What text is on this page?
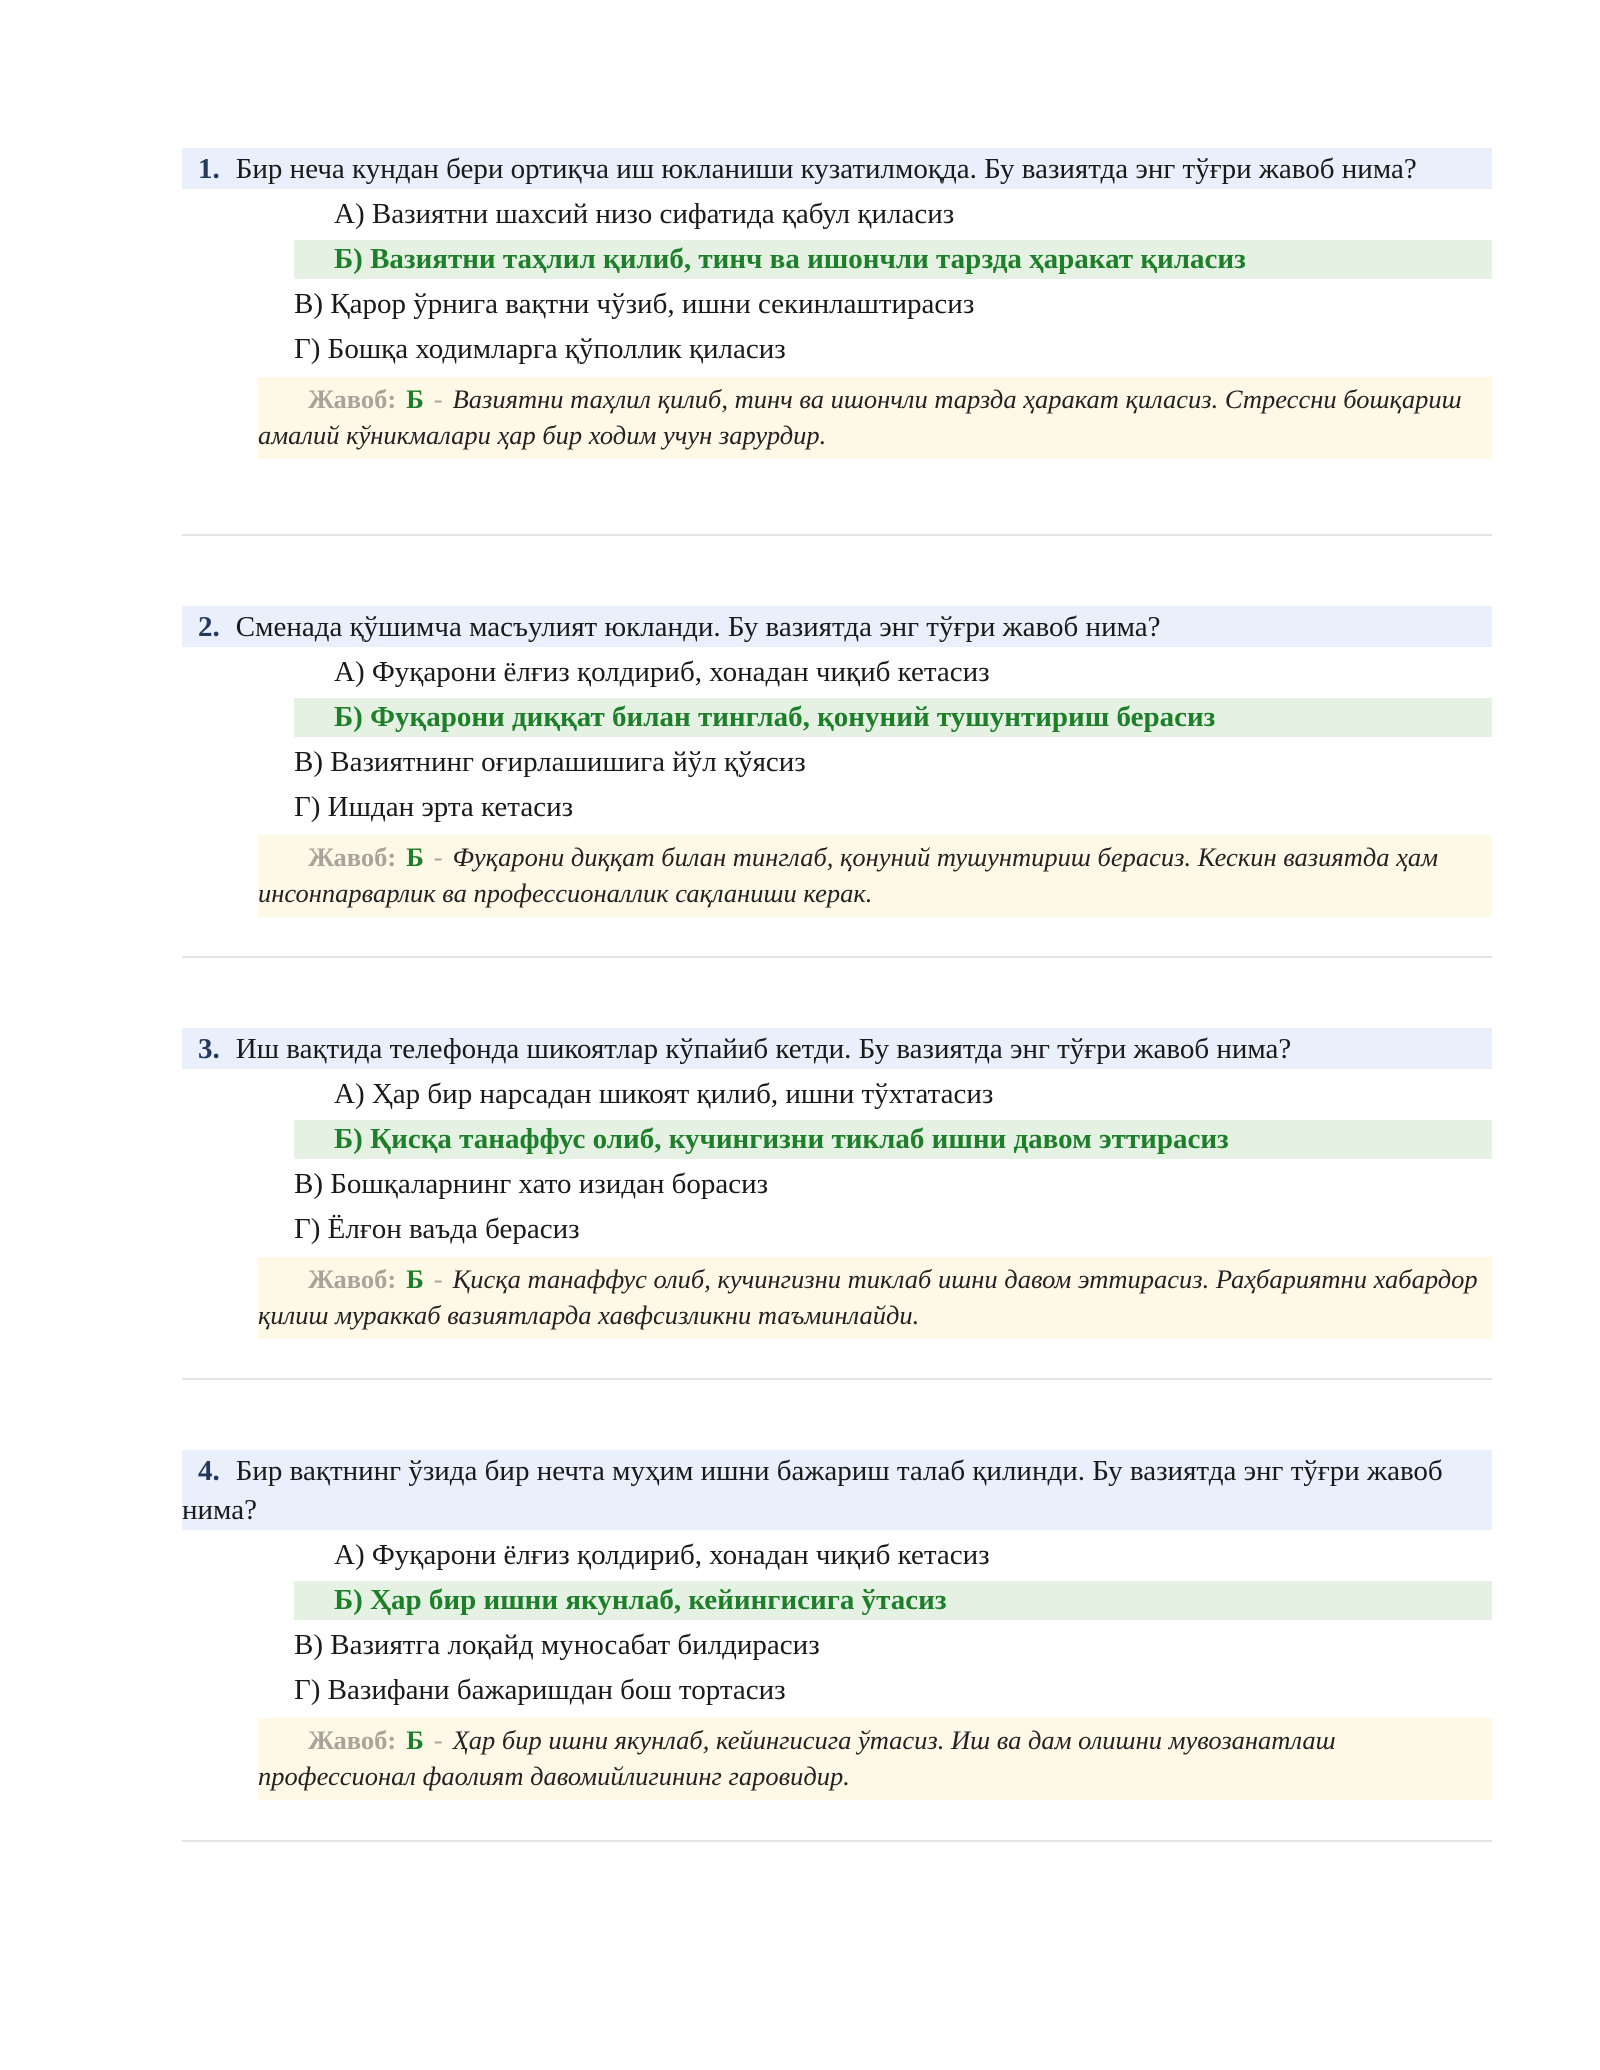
1. Бир неча кундан бери ортиқча иш юкланиши кузатилмоқда. Бу вазиятда энг тўғри жавоб нима?
А) Вазиятни шахсий низо сифатида қабул қиласиз
Б) Вазиятни таҳлил қилиб, тинч ва ишончли тарзда ҳаракат қиласиз
В) Қарор ўрнига вақтни чўзиб, ишни секинлаштирасиз
Г) Бошқа ходимларга қўполлик қиласиз
Жавоб: Б - Вазиятни таҳлил қилиб, тинч ва ишончли тарзда ҳаракат қиласиз. Стрессни бошқариш амалий кўникмалари ҳар бир ходим учун зарурдир.
2. Сменада қўшимча масъулият юкланди. Бу вазиятда энг тўғри жавоб нима?
А) Фуқарони ёлғиз қолдириб, хонадан чиқиб кетасиз
Б) Фуқарони диққат билан тинглаб, қонуний тушунтириш берасиз
В) Вазиятнинг оғирлашишига йўл қўясиз
Г) Ишдан эрта кетасиз
Жавоб: Б - Фуқарони диққат билан тинглаб, қонуний тушунтириш берасиз. Кескин вазиятда ҳам инсонпарварлик ва профессионаллик сақланиши керак.
3. Иш вақтида телефонда шикоятлар кўпайиб кетди. Бу вазиятда энг тўғри жавоб нима?
А) Ҳар бир нарсадан шикоят қилиб, ишни тўхтатасиз
Б) Қисқа танаффус олиб, кучингизни тиклаб ишни давом эттирасиз
В) Бошқаларнинг хато изидан борасиз
Г) Ёлғон ваъда берасиз
Жавоб: Б - Қисқа танаффус олиб, кучингизни тиклаб ишни давом эттирасиз. Раҳбариятни хабардор қилиш мураккаб вазиятларда хавфсизликни таъминлайди.
4. Бир вақтнинг ўзида бир нечта муҳим ишни бажариш талаб қилинди. Бу вазиятда энг тўғри жавоб нима?
А) Фуқарони ёлғиз қолдириб, хонадан чиқиб кетасиз
Б) Ҳар бир ишни якунлаб, кейингисига ўтасиз
В) Вазиятга лоқайд муносабат билдирасиз
Г) Вазифани бажаришдан бош тортасиз
Жавоб: Б - Ҳар бир ишни якунлаб, кейингисига ўтасиз. Иш ва дам олишни мувозанатлаш профессионал фаолият давомийлигининг гаровидир.
